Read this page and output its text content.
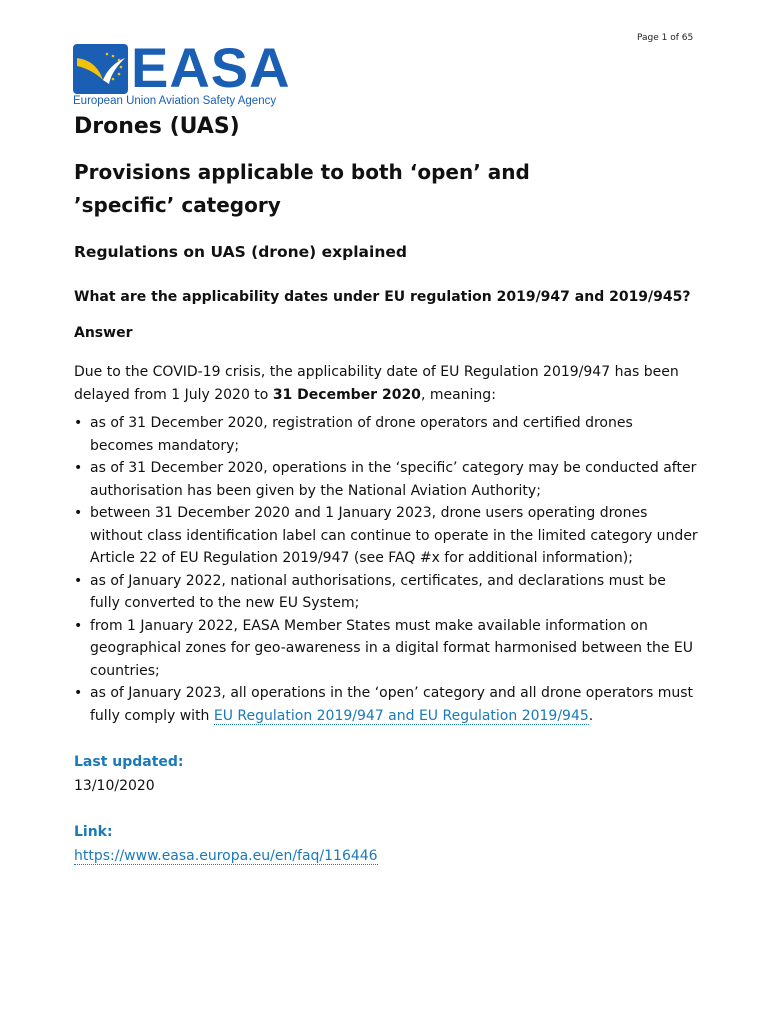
Page 1 of 65
EASA
European Union Aviation Safety Agency
Drones (UAS)
Provisions applicable to both ‘open’ and ’specific’ category
Regulations on UAS (drone) explained

What are the applicability dates under EU regulation 2019/947 and 2019/945?

Answer

Due to the COVID-19 crisis, the applicability date of EU Regulation 2019/947 has been delayed from 1 July 2020 to 31 December 2020, meaning:

• as of 31 December 2020, registration of drone operators and certified drones becomes mandatory;
• as of 31 December 2020, operations in the ‘specific’ category may be conducted after authorisation has been given by the National Aviation Authority;
• between 31 December 2020 and 1 January 2023, drone users operating drones without class identification label can continue to operate in the limited category under Article 22 of EU Regulation 2019/947 (see FAQ #x for additional information);
• as of January 2022, national authorisations, certificates, and declarations must be fully converted to the new EU System;
• from 1 January 2022, EASA Member States must make available information on geographical zones for geo-awareness in a digital format harmonised between the EU countries;
• as of January 2023, all operations in the ‘open’ category and all drone operators must fully comply with EU Regulation 2019/947 and EU Regulation 2019/945.

Last updated:

13/10/2020

Link:

https://www.easa.europa.eu/en/faq/116446
